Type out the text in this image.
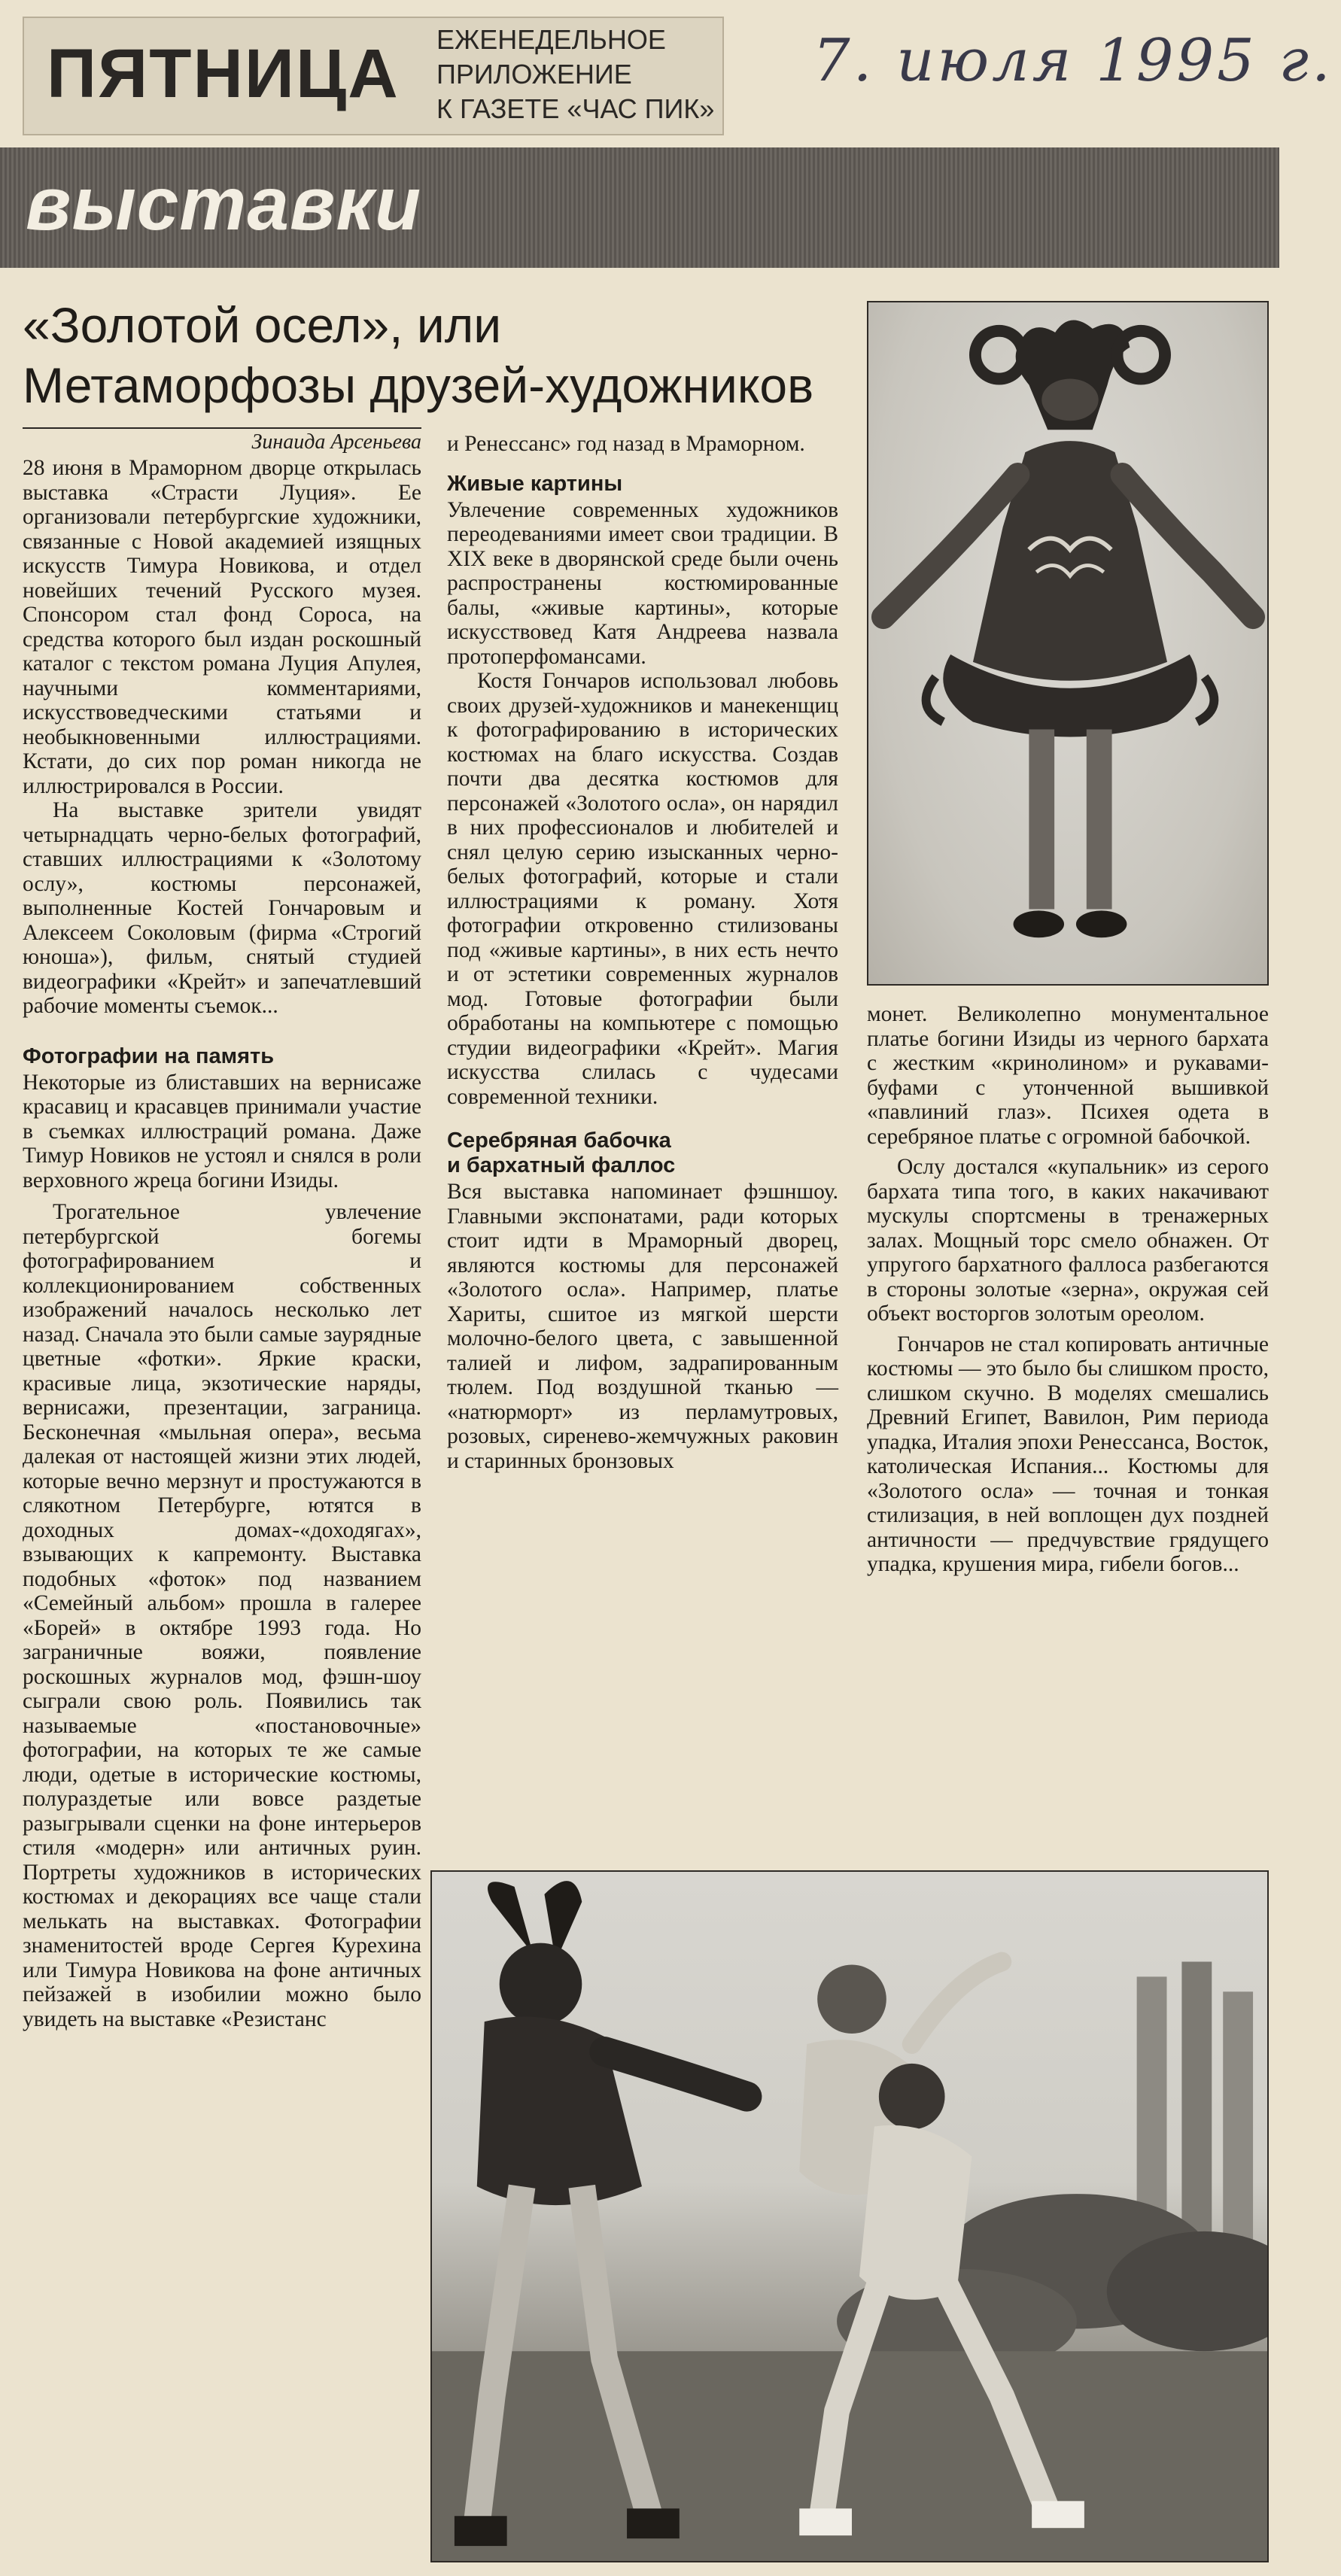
ПЯТНИЦА ЕЖЕНЕДЕЛЬНОЕ
ПРИЛОЖЕНИЕ
К ГАЗЕТЕ «ЧАС ПИК»
7. июля 1995 г.
выставки
«Золотой осел», или
Метаморфозы друзей-художников
Зинаида Арсеньева

28 июня в Мраморном дворце открылась выставка «Страсти Луция». Ее организовали петербургские художники, связанные с Новой академией изящных искусств Тимура Новикова, и отдел новейших течений Русского музея. Спонсором стал фонд Сороса, на средства которого был издан роскошный каталог с текстом романа Луция Апулея, научными комментариями, искусствоведческими статьями и необыкновенными иллюстрациями. Кстати, до сих пор роман никогда не иллюстрировался в России.

На выставке зрители увидят четырнадцать черно-белых фотографий, ставших иллюстрациями к «Золотому ослу», костюмы персонажей, выполненные Костей Гончаровым и Алексеем Соколовым (фирма «Строгий юноша»), фильм, снятый студией видеографики «Крейт» и запечатлевший рабочие моменты съемок...

Фотографии на память

Некоторые из блиставших на вернисаже красавиц и красавцев принимали участие в съемках иллюстраций романа. Даже Тимур Новиков не устоял и снялся в роли верховного жреца богини Изиды.

Трогательное увлечение петербургской богемы фотографированием и коллекционированием собственных изображений началось несколько лет назад. Сначала это были самые заурядные цветные «фотки». Яркие краски, красивые лица, экзотические наряды, вернисажи, презентации, заграница. Бесконечная «мыльная опера», весьма далекая от настоящей жизни этих людей, которые вечно мерзнут и простужаются в слякотном Петербурге, ютятся в доходных домах-«доходягах», взывающих к капремонту. Выставка подобных «фоток» под названием «Семейный альбом» прошла в галерее «Борей» в октябре 1993 года. Но заграничные вояжи, появление роскошных журналов мод, фэшн-шоу сыграли свою роль. Появились так называемые «постановочные» фотографии, на которых те же самые люди, одетые в исторические костюмы, полураздетые или вовсе раздетые разыгрывали сценки на фоне интерьеров стиля «модерн» или античных руин. Портреты художников в исторических костюмах и декорациях все чаще стали мелькать на выставках. Фотографии знаменитостей вроде Сергея Курехина или Тимура Новикова на фоне античных пейзажей в изобилии можно было увидеть на выставке «Резистанс

и Ренессанс» год назад в Мраморном.

Живые картины

Увлечение современных художников переодеваниями имеет свои традиции. В XIX веке в дворянской среде были очень распространены костюмированные балы, «живые картины», которые искусствовед Катя Андреева назвала протоперфомансами.

Костя Гончаров использовал любовь своих друзей-художников и манекенщиц к фотографированию в исторических костюмах на благо искусства. Создав почти два десятка костюмов для персонажей «Золотого осла», он нарядил в них профессионалов и любителей и снял целую серию изысканных черно-белых фотографий, которые и стали иллюстрациями к роману. Хотя фотографии откровенно стилизованы под «живые картины», в них есть нечто и от эстетики современных журналов мод. Готовые фотографии были обработаны на компьютере с помощью студии видеографики «Крейт». Магия искусства слилась с чудесами современной техники.

Серебряная бабочка
и бархатный фаллос

Вся выставка напоминает фэшншоу. Главными экспонатами, ради которых стоит идти в Мраморный дворец, являются костюмы для персонажей «Золотого осла». Например, платье Хариты, сшитое из мягкой шерсти молочно-белого цвета, с завышенной талией и лифом, задрапированным тюлем. Под воздушной тканью — «натюрморт» из перламутровых, розовых, сиренево-жемчужных раковин и старинных бронзовых

монет. Великолепно монументальное платье богини Изиды из черного бархата с жестким «кринолином» и рукавами-буфами с утонченной вышивкой «павлиний глаз». Психея одета в серебряное платье с огромной бабочкой.

Ослу достался «купальник» из серого бархата типа того, в каких накачивают мускулы спортсмены в тренажерных залах. Мощный торс смело обнажен. От упругого бархатного фаллоса разбегаются в стороны золотые «зерна», окружая сей объект восторгов золотым ореолом.

Гончаров не стал копировать античные костюмы — это было бы слишком просто, слишком скучно. В моделях смешались Древний Египет, Вавилон, Рим периода упадка, Италия эпохи Ренессанса, Восток, католическая Испания... Костюмы для «Золотого осла» — точная и тонкая стилизация, в ней воплощен дух поздней античности — предчувствие грядущего упадка, крушения мира, гибели богов...
